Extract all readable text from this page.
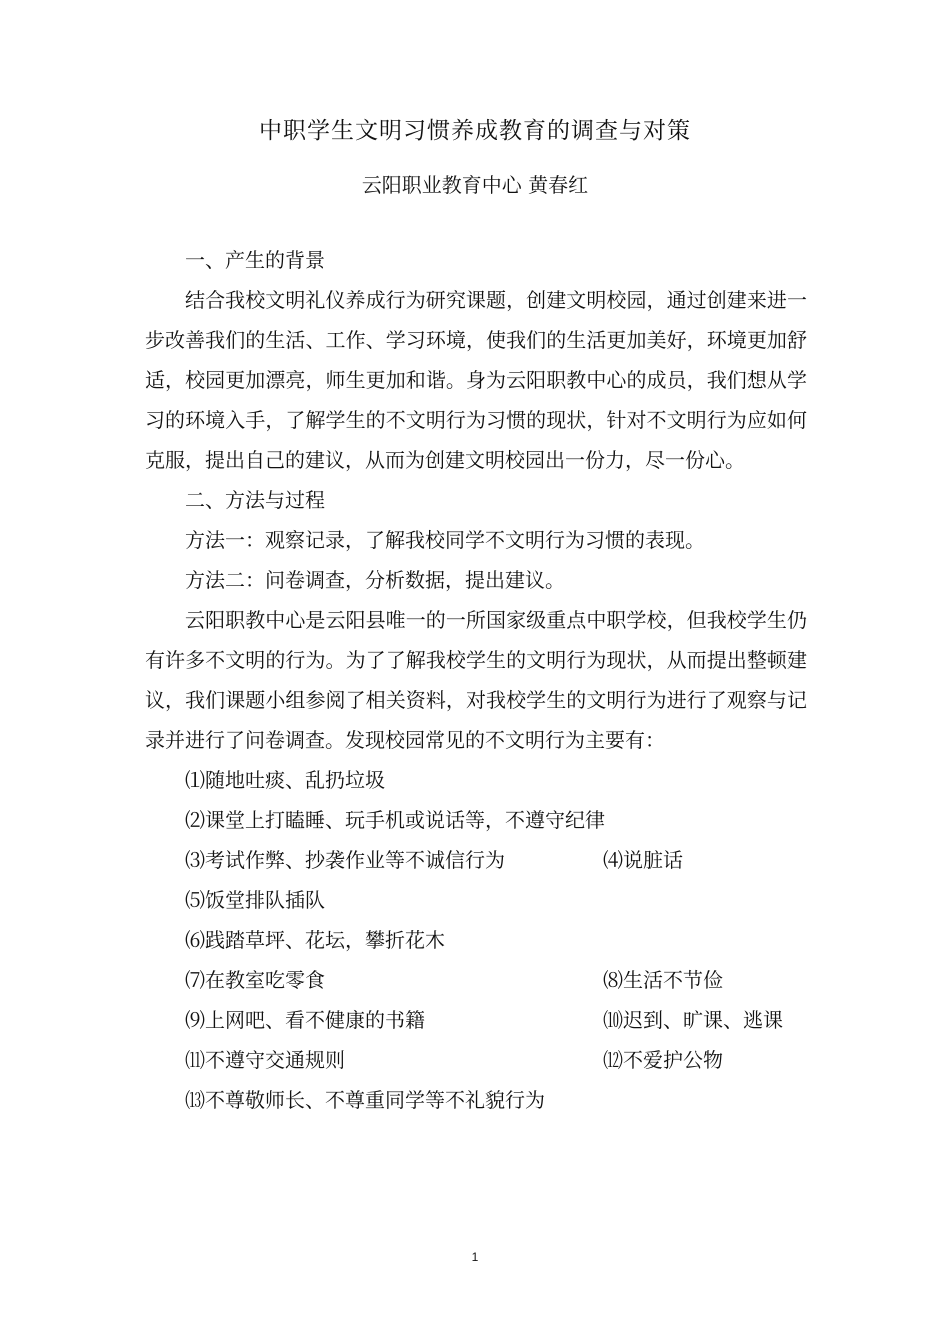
中职学生文明习惯养成教育的调查与对策
云阳职业教育中心 黄春红

一、产生的背景

结合我校文明礼仪养成行为研究课题，创建文明校园，通过创建来进一步改善我们的生活、工作、学习环境，使我们的生活更加美好，环境更加舒适，校园更加漂亮，师生更加和谐。身为云阳职教中心的成员，我们想从学习的环境入手，了解学生的不文明行为习惯的现状，针对不文明行为应如何克服，提出自己的建议，从而为创建文明校园出一份力，尽一份心。

二、方法与过程

方法一：观察记录，了解我校同学不文明行为习惯的表现。

方法二：问卷调查，分析数据，提出建议。

云阳职教中心是云阳县唯一的一所国家级重点中职学校，但我校学生仍有许多不文明的行为。为了了解我校学生的文明行为现状，从而提出整顿建议，我们课题小组参阅了相关资料，对我校学生的文明行为进行了观察与记录并进行了问卷调查。发现校园常见的不文明行为主要有：

⑴随地吐痰、乱扔垃圾
⑵课堂上打瞌睡、玩手机或说话等，不遵守纪律
⑶考试作弊、抄袭作业等不诚信行为	⑷说脏话
⑸饭堂排队插队
⑹践踏草坪、花坛，攀折花木
⑺在教室吃零食	⑻生活不节俭
⑼上网吧、看不健康的书籍	⑽迟到、旷课、逃课
⑾不遵守交通规则	⑿不爱护公物
⒀不尊敬师长、不尊重同学等不礼貌行为
1
